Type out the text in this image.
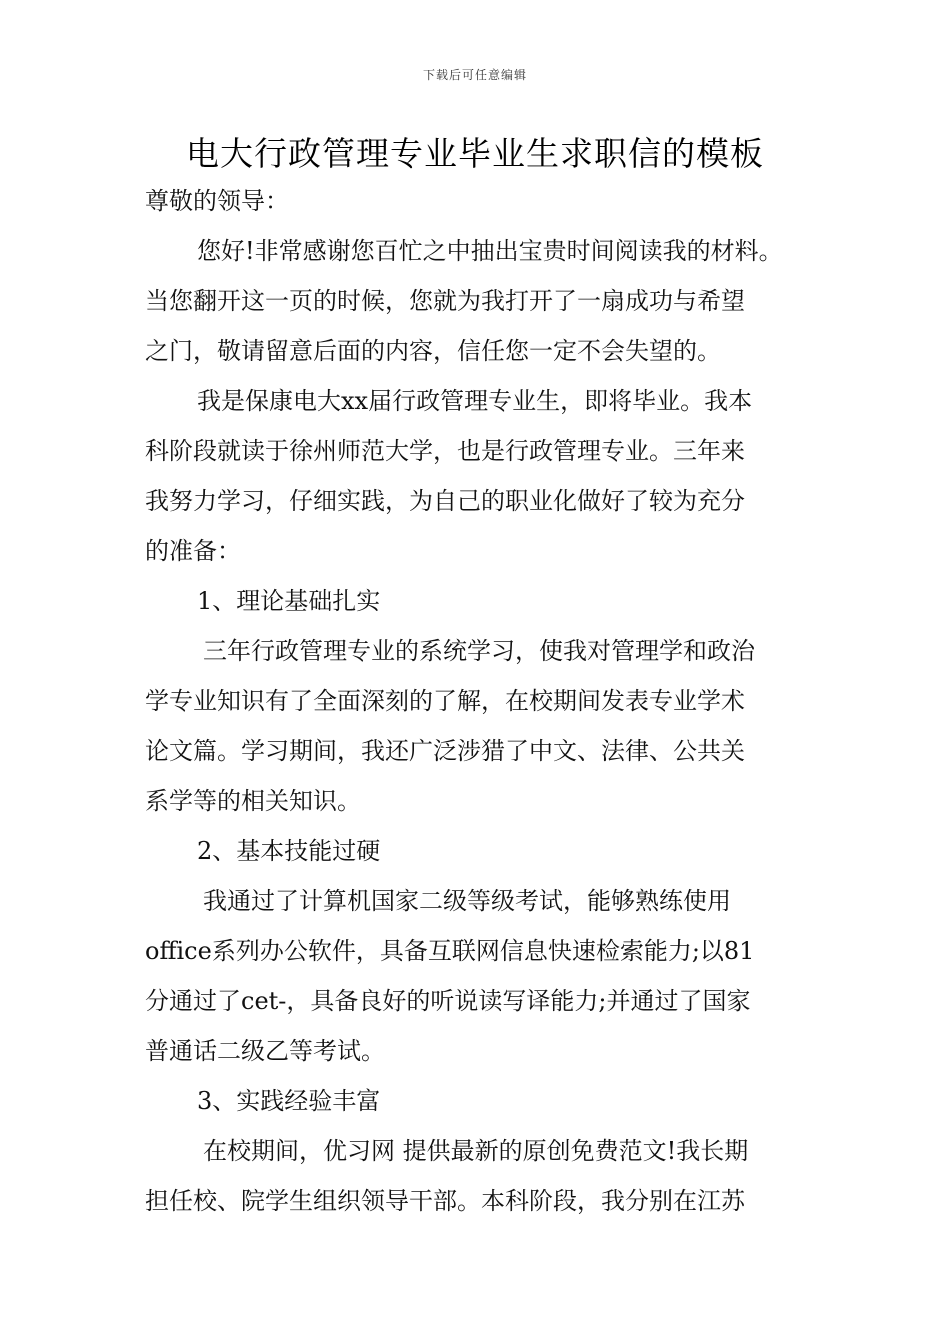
下载后可任意编辑
电大行政管理专业毕业生求职信的模板
尊敬的领导：
您好!非常感谢您百忙之中抽出宝贵时间阅读我的材料。
当您翻开这一页的时候，您就为我打开了一扇成功与希望
之门，敬请留意后面的内容，信任您一定不会失望的。
我是保康电大xx届行政管理专业生，即将毕业。我本
科阶段就读于徐州师范大学，也是行政管理专业。三年来
我努力学习，仔细实践，为自己的职业化做好了较为充分
的准备：
1、理论基础扎实
三年行政管理专业的系统学习，使我对管理学和政治
学专业知识有了全面深刻的了解，在校期间发表专业学术
论文篇。学习期间，我还广泛涉猎了中文、法律、公共关
系学等的相关知识。
2、基本技能过硬
我通过了计算机国家二级等级考试，能够熟练使用
office系列办公软件，具备互联网信息快速检索能力;以81
分通过了cet-，具备良好的听说读写译能力;并通过了国家
普通话二级乙等考试。
3、实践经验丰富
在校期间，优习网 提供最新的原创免费范文!我长期
担任校、院学生组织领导干部。本科阶段，我分别在江苏
